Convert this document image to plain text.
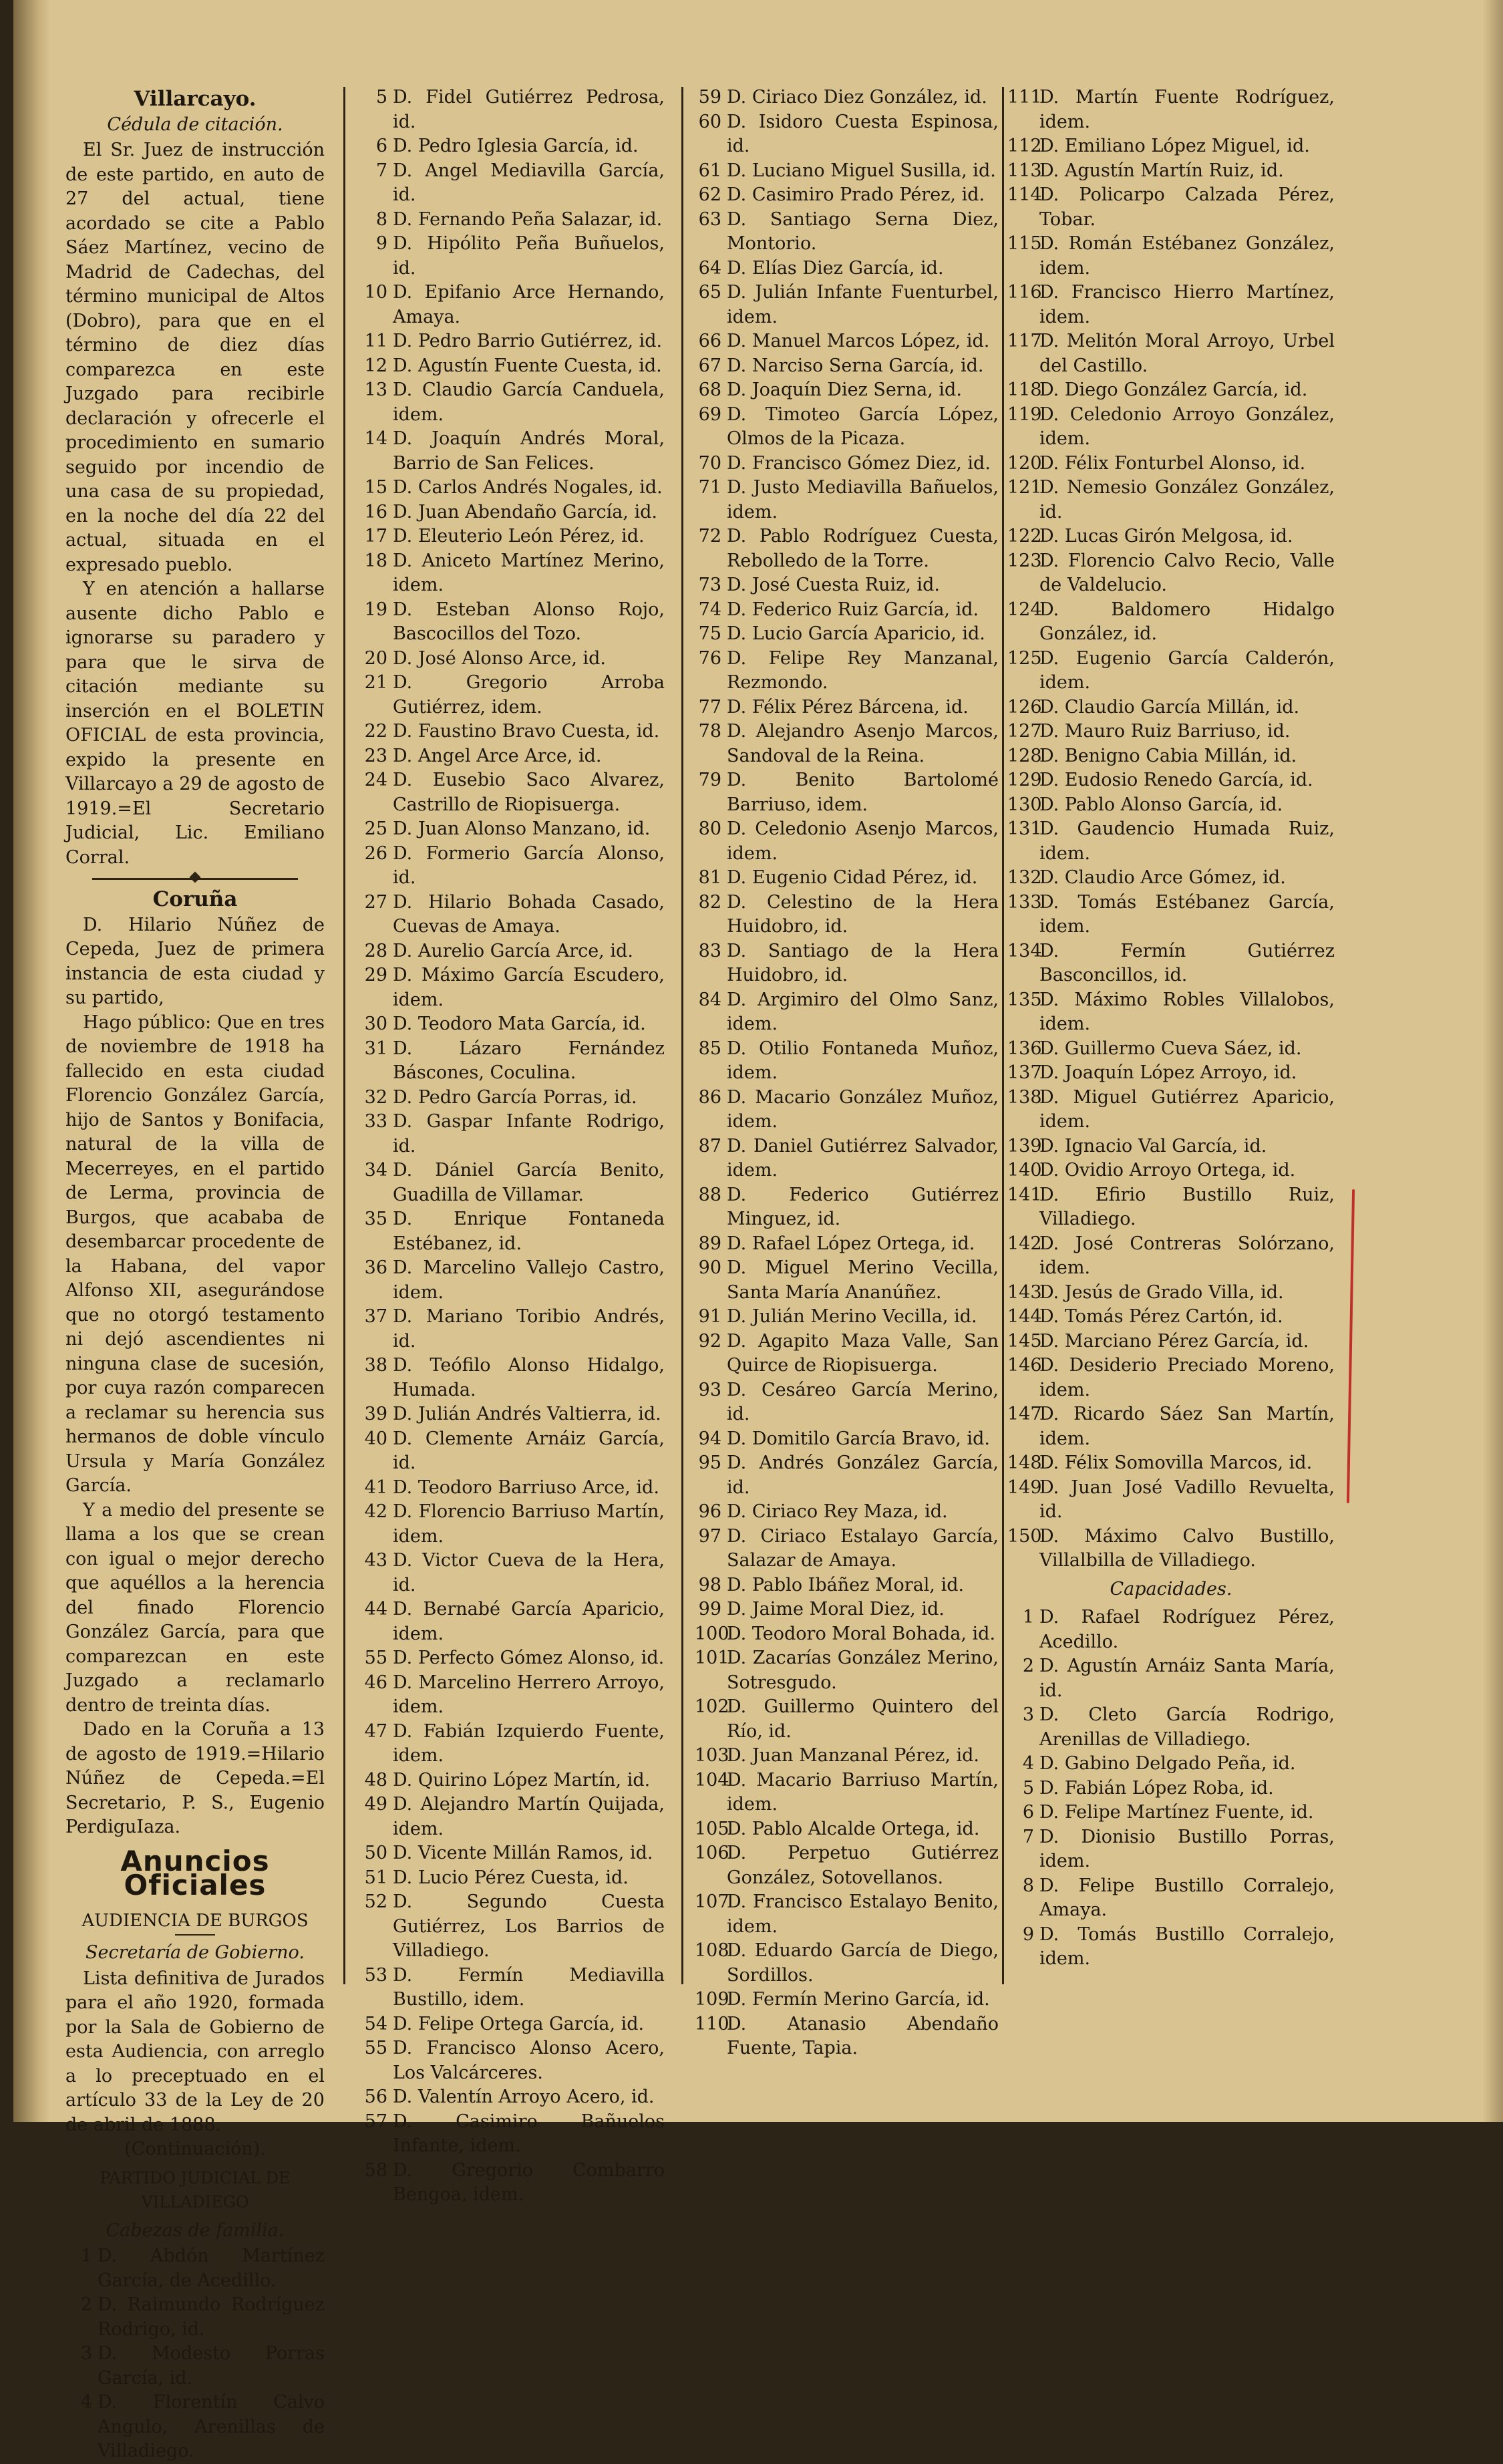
Villarcayo.
Cédula de citación.

El Sr. Juez de instrucción de este partido, en auto de 27 del actual, tiene acordado se cite a Pablo Sáez Martínez, vecino de Madrid de Cadechas, del término municipal de Altos (Dobro), para que en el término de diez días comparezca en este Juzgado para recibirle declaración y ofrecerle el procedimiento en sumario seguido por incendio de una casa de su propiedad, en la noche del día 22 del actual, situada en el expresado pueblo.

Y en atención a hallarse ausente dicho Pablo e ignorarse su paradero y para que le sirva de citación mediante su inserción en el BOLETIN OFICIAL de esta provincia, expido la presente en Villarcayo a 29 de agosto de 1919.=El Secretario Judicial, Lic. Emiliano Corral.

Coruña

D. Hilario Núñez de Cepeda, Juez de primera instancia de esta ciudad y su partido,

Hago público: Que en tres de noviembre de 1918 ha fallecido en esta ciudad Florencio González García, hijo de Santos y Bonifacia, natural de la villa de Mecerreyes, en el partido de Lerma, provincia de Burgos, que acababa de desembarcar procedente de la Habana, del vapor Alfonso XII, asegurándose que no otorgó testamento ni dejó ascendientes ni ninguna clase de sucesión, por cuya razón comparecen a reclamar su herencia sus hermanos de doble vínculo Ursula y María González García.

Y a medio del presente se llama a los que se crean con igual o mejor derecho que aquéllos a la herencia del finado Florencio González García, para que comparezcan en este Juzgado a reclamarlo dentro de treinta días.

Dado en la Coruña a 13 de agosto de 1919.=Hilario Núñez de Cepeda.=El Secretario, P. S., Eugenio PerdiguIaza.

Anuncios Oficiales
AUDIENCIA DE BURGOS
Secretaría de Gobierno.

Lista definitiva de Jurados para el año 1920, formada por la Sala de Gobierno de esta Audiencia, con arreglo a lo preceptuado en el artículo 33 de la Ley de 20 de abril de 1888.

(Continuación).
PARTIDO JUDICIAL DE VILLADIEGO
Cabezas de familia.
1 D. Abdón Martínez García, de Acedillo.
2 D. Raimundo Rodríguez Rodrigo, id.
3 D. Modesto Porras García, id.
4 D. Florentín Calvo Angulo, Arenillas de Villadiego.
5 D. Fidel Gutiérrez Pedrosa, id.
6 D. Pedro Iglesia García, id.
7 D. Angel Mediavilla García, id.
8 D. Fernando Peña Salazar, id.
9 D. Hipólito Peña Buñuelos, id.
10 D. Epifanio Arce Hernando, Amaya.
11 D. Pedro Barrio Gutiérrez, id.
12 D. Agustín Fuente Cuesta, id.
13 D. Claudio García Canduela, idem.
14 D. Joaquín Andrés Moral, Barrio de San Felices.
15 D. Carlos Andrés Nogales, id.
16 D. Juan Abendaño García, id.
17 D. Eleuterio León Pérez, id.
18 D. Aniceto Martínez Merino, idem.
19 D. Esteban Alonso Rojo, Bascocillos del Tozo.
20 D. José Alonso Arce, id.
21 D. Gregorio Arroba Gutiérrez, idem.
22 D. Faustino Bravo Cuesta, id.
23 D. Angel Arce Arce, id.
24 D. Eusebio Saco Alvarez, Castrillo de Riopisuerga.
25 D. Juan Alonso Manzano, id.
26 D. Formerio García Alonso, id.
27 D. Hilario Bohada Casado, Cuevas de Amaya.
28 D. Aurelio García Arce, id.
29 D. Máximo García Escudero, idem.
30 D. Teodoro Mata García, id.
31 D. Lázaro Fernández Báscones, Coculina.
32 D. Pedro García Porras, id.
33 D. Gaspar Infante Rodrigo, id.
34 D. Dániel García Benito, Guadilla de Villamar.
35 D. Enrique Fontaneda Estébanez, id.
36 D. Marcelino Vallejo Castro, idem.
37 D. Mariano Toribio Andrés, id.
38 D. Teófilo Alonso Hidalgo, Humada.
39 D. Julián Andrés Valtierra, id.
40 D. Clemente Arnáiz García, id.
41 D. Teodoro Barriuso Arce, id.
42 D. Florencio Barriuso Martín, idem.
43 D. Victor Cueva de la Hera, id.
44 D. Bernabé García Aparicio, idem.
55 D. Perfecto Gómez Alonso, id.
46 D. Marcelino Herrero Arroyo, idem.
47 D. Fabián Izquierdo Fuente, idem.
48 D. Quirino López Martín, id.
49 D. Alejandro Martín Quijada, idem.
50 D. Vicente Millán Ramos, id.
51 D. Lucio Pérez Cuesta, id.
52 D. Segundo Cuesta Gutiérrez, Los Barrios de Villadiego.
53 D. Fermín Mediavilla Bustillo, idem.
54 D. Felipe Ortega García, id.
55 D. Francisco Alonso Acero, Los Valcárceres.
56 D. Valentín Arroyo Acero, id.
57 D. Casimiro Bañuelos Infante, idem.
58 D. Gregorio Combarro Bengoa, idem.
59 D. Ciriaco Diez González, id.
60 D. Isidoro Cuesta Espinosa, id.
61 D. Luciano Miguel Susilla, id.
62 D. Casimiro Prado Pérez, id.
63 D. Santiago Serna Diez, Montorio.
64 D. Elías Diez García, id.
65 D. Julián Infante Fuenturbel, idem.
66 D. Manuel Marcos López, id.
67 D. Narciso Serna García, id.
68 D. Joaquín Diez Serna, id.
69 D. Timoteo García López, Olmos de la Picaza.
70 D. Francisco Gómez Diez, id.
71 D. Justo Mediavilla Bañuelos, idem.
72 D. Pablo Rodríguez Cuesta, Rebolledo de la Torre.
73 D. José Cuesta Ruiz, id.
74 D. Federico Ruiz García, id.
75 D. Lucio García Aparicio, id.
76 D. Felipe Rey Manzanal, Rezmondo.
77 D. Félix Pérez Bárcena, id.
78 D. Alejandro Asenjo Marcos, Sandoval de la Reina.
79 D. Benito Bartolomé Barriuso, idem.
80 D. Celedonio Asenjo Marcos, idem.
81 D. Eugenio Cidad Pérez, id.
82 D. Celestino de la Hera Huidobro, id.
83 D. Santiago de la Hera Huidobro, id.
84 D. Argimiro del Olmo Sanz, idem.
85 D. Otilio Fontaneda Muñoz, idem.
86 D. Macario González Muñoz, idem.
87 D. Daniel Gutiérrez Salvador, idem.
88 D. Federico Gutiérrez Minguez, id.
89 D. Rafael López Ortega, id.
90 D. Miguel Merino Vecilla, Santa María Ananúñez.
91 D. Julián Merino Vecilla, id.
92 D. Agapito Maza Valle, San Quirce de Riopisuerga.
93 D. Cesáreo García Merino, id.
94 D. Domitilo García Bravo, id.
95 D. Andrés González García, id.
96 D. Ciriaco Rey Maza, id.
97 D. Ciriaco Estalayo García, Salazar de Amaya.
98 D. Pablo Ibáñez Moral, id.
99 D. Jaime Moral Diez, id.
100
D. Teodoro Moral Bohada, id.
101
D. Zacarías González Merino, Sotresgudo.
102
D. Guillermo Quintero del Río, id.
103
D. Juan Manzanal Pérez, id.
104
D. Macario Barriuso Martín, idem.
105
D. Pablo Alcalde Ortega, id.
106
D. Perpetuo Gutiérrez González, Sotovellanos.
107
D. Francisco Estalayo Benito, idem.
108
D. Eduardo García de Diego, Sordillos.
109
D. Fermín Merino García, id.
110
D. Atanasio Abendaño Fuente, Tapia.
111
D. Martín Fuente Rodríguez, idem.
112
D. Emiliano López Miguel, id.
113
D. Agustín Martín Ruiz, id.
114
D. Policarpo Calzada Pérez, Tobar.
115
D. Román Estébanez González, idem.
116
D. Francisco Hierro Martínez, idem.
117
D. Melitón Moral Arroyo, Urbel del Castillo.
118
D. Diego González García, id.
119
D. Celedonio Arroyo González, idem.
120
D. Félix Fonturbel Alonso, id.
121
D. Nemesio González González, id.
122
D. Lucas Girón Melgosa, id.
123
D. Florencio Calvo Recio, Valle de Valdelucio.
124
D. Baldomero Hidalgo González, id.
125
D. Eugenio García Calderón, idem.
126
D. Claudio García Millán, id.
127
D. Mauro Ruiz Barriuso, id.
128
D. Benigno Cabia Millán, id.
129
D. Eudosio Renedo García, id.
130
D. Pablo Alonso García, id.
131
D. Gaudencio Humada Ruiz, idem.
132
D. Claudio Arce Gómez, id.
133
D. Tomás Estébanez García, idem.
134
D. Fermín Gutiérrez Basconcillos, id.
135
D. Máximo Robles Villalobos, idem.
136
D. Guillermo Cueva Sáez, id.
137
D. Joaquín López Arroyo, id.
138
D. Miguel Gutiérrez Aparicio, idem.
139
D. Ignacio Val García, id.
140
D. Ovidio Arroyo Ortega, id.
141
D. Efirio Bustillo Ruiz, Villadiego.
142
D. José Contreras Solórzano, idem.
143
D. Jesús de Grado Villa, id.
144
D. Tomás Pérez Cartón, id.
145
D. Marciano Pérez García, id.
146
D. Desiderio Preciado Moreno, idem.
147
D. Ricardo Sáez San Martín, idem.
148
D. Félix Somovilla Marcos, id.
149
D. Juan José Vadillo Revuelta, id.
150
D. Máximo Calvo Bustillo, Villalbilla de Villadiego.
Capacidades.
1 D. Rafael Rodríguez Pérez, Acedillo.
2 D. Agustín Arnáiz Santa María, id.
3 D. Cleto García Rodrigo, Arenillas de Villadiego.
4 D. Gabino Delgado Peña, id.
5 D. Fabián López Roba, id.
6 D. Felipe Martínez Fuente, id.
7 D. Dionisio Bustillo Porras, idem.
8 D. Felipe Bustillo Corralejo, Amaya.
9 D. Tomás Bustillo Corralejo, idem.
